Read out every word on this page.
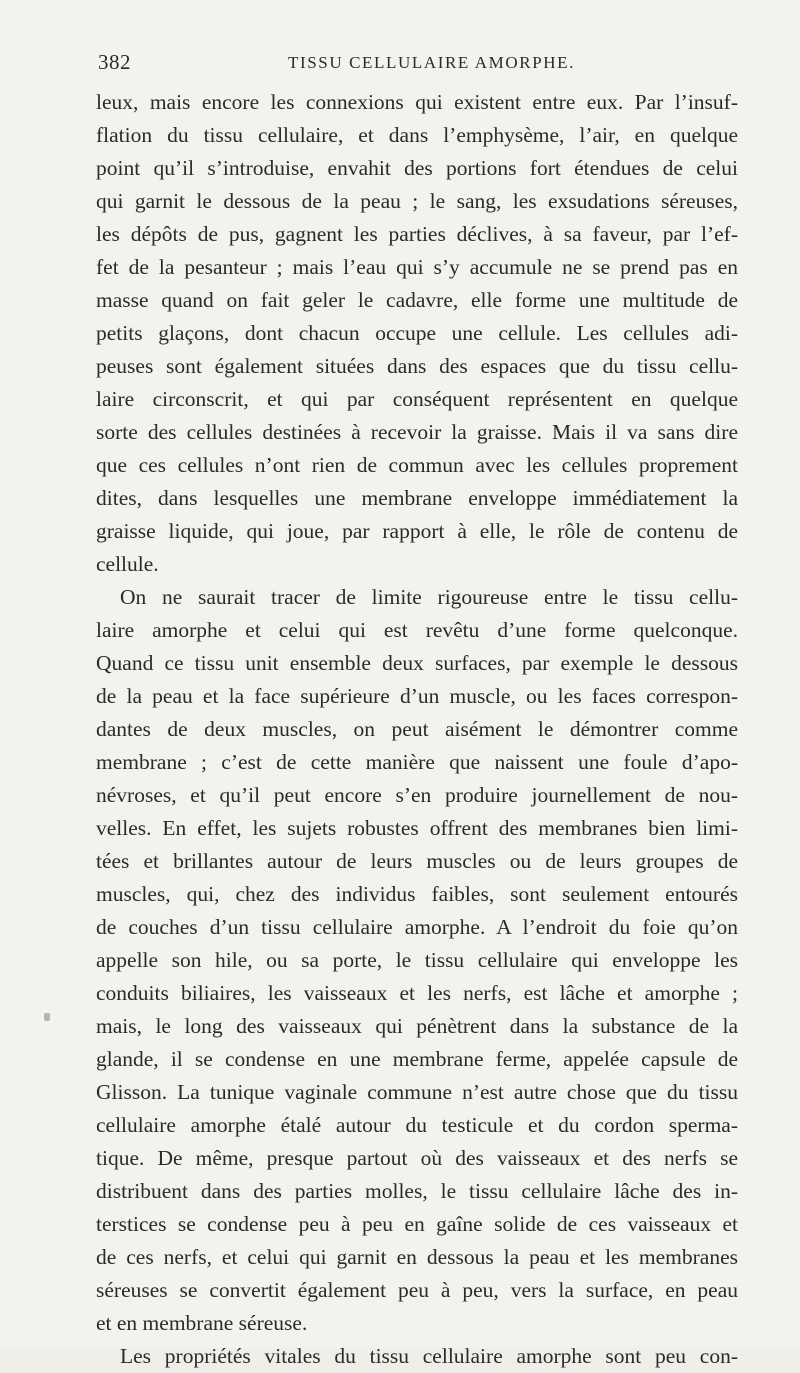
382	TISSU CELLULAIRE AMORPHE.
leux, mais encore les connexions qui existent entre eux. Par l’insuf-
flation du tissu cellulaire, et dans l’emphysème, l’air, en quelque
point qu’il s’introduise, envahit des portions fort étendues de celui
qui garnit le dessous de la peau ; le sang, les exsudations séreuses,
les dépôts de pus, gagnent les parties déclives, à sa faveur, par l’ef-
fet de la pesanteur ; mais l’eau qui s’y accumule ne se prend pas en
masse quand on fait geler le cadavre, elle forme une multitude de
petits glaçons, dont chacun occupe une cellule. Les cellules adi-
peuses sont également situées dans des espaces que du tissu cellu-
laire circonscrit, et qui par conséquent représentent en quelque
sorte des cellules destinées à recevoir la graisse. Mais il va sans dire
que ces cellules n’ont rien de commun avec les cellules proprement
dites, dans lesquelles une membrane enveloppe immédiatement la
graisse liquide, qui joue, par rapport à elle, le rôle de contenu de
cellule.
On ne saurait tracer de limite rigoureuse entre le tissu cellu-
laire amorphe et celui qui est revêtu d’une forme quelconque.
Quand ce tissu unit ensemble deux surfaces, par exemple le dessous
de la peau et la face supérieure d’un muscle, ou les faces correspon-
dantes de deux muscles, on peut aisément le démontrer comme
membrane ; c’est de cette manière que naissent une foule d’apo-
névroses, et qu’il peut encore s’en produire journellement de nou-
velles. En effet, les sujets robustes offrent des membranes bien limi-
tées et brillantes autour de leurs muscles ou de leurs groupes de
muscles, qui, chez des individus faibles, sont seulement entourés
de couches d’un tissu cellulaire amorphe. A l’endroit du foie qu’on
appelle son hile, ou sa porte, le tissu cellulaire qui enveloppe les
conduits biliaires, les vaisseaux et les nerfs, est lâche et amorphe ;
mais, le long des vaisseaux qui pénètrent dans la substance de la
glande, il se condense en une membrane ferme, appelée capsule de
Glisson. La tunique vaginale commune n’est autre chose que du tissu
cellulaire amorphe étalé autour du testicule et du cordon sperma-
tique. De même, presque partout où des vaisseaux et des nerfs se
distribuent dans des parties molles, le tissu cellulaire lâche des in-
terstices se condense peu à peu en gaîne solide de ces vaisseaux et
de ces nerfs, et celui qui garnit en dessous la peau et les membranes
séreuses se convertit également peu à peu, vers la surface, en peau
et en membrane séreuse.
Les propriétés vitales du tissu cellulaire amorphe sont peu con-
